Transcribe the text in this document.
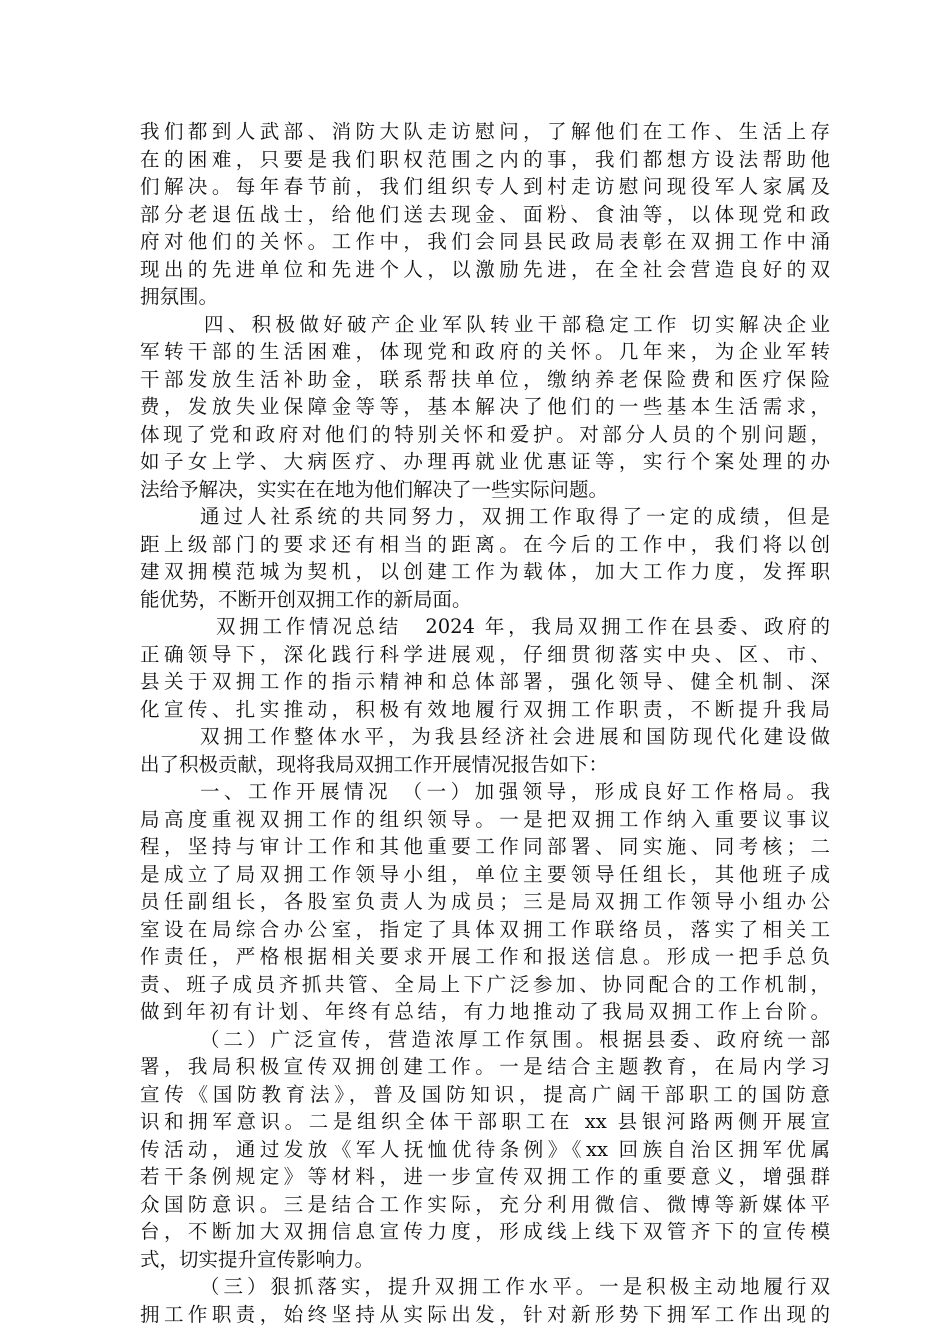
我们都到人武部、消防大队走访慰问，了解他们在工作、生活上存
在的困难，只要是我们职权范围之内的事，我们都想方设法帮助他
们解决。每年春节前，我们组织专人到村走访慰问现役军人家属及
部分老退伍战士，给他们送去现金、面粉、食油等，以体现党和政
府对他们的关怀。工作中，我们会同县民政局表彰在双拥工作中涌
现出的先进单位和先进个人，以激励先进，在全社会营造良好的双
拥氛围。
四、积极做好破产企业军队转业干部稳定工作 切实解决企业
军转干部的生活困难，体现党和政府的关怀。几年来，为企业军转
干部发放生活补助金，联系帮扶单位，缴纳养老保险费和医疗保险
费，发放失业保障金等等，基本解决了他们的一些基本生活需求，
体现了党和政府对他们的特别关怀和爱护。对部分人员的个别问题，
如子女上学、大病医疗、办理再就业优惠证等，实行个案处理的办
法给予解决，实实在在地为他们解决了一些实际问题。
通过人社系统的共同努力，双拥工作取得了一定的成绩，但是
距上级部门的要求还有相当的距离。在今后的工作中，我们将以创
建双拥模范城为契机，以创建工作为载体，加大工作力度，发挥职
能优势，不断开创双拥工作的新局面。
双拥工作情况总结　2024 年，我局双拥工作在县委、政府的
正确领导下，深化践行科学进展观，仔细贯彻落实中央、区、市、
县关于双拥工作的指示精神和总体部署，强化领导、健全机制、深
化宣传、扎实推动，积极有效地履行双拥工作职责，不断提升我局
双拥工作整体水平，为我县经济社会进展和国防现代化建设做
出了积极贡献，现将我局双拥工作开展情况报告如下：
一、工作开展情况 （一）加强领导，形成良好工作格局。我
局高度重视双拥工作的组织领导。一是把双拥工作纳入重要议事议
程，坚持与审计工作和其他重要工作同部署、同实施、同考核；二
是成立了局双拥工作领导小组，单位主要领导任组长，其他班子成
员任副组长，各股室负责人为成员；三是局双拥工作领导小组办公
室设在局综合办公室，指定了具体双拥工作联络员，落实了相关工
作责任，严格根据相关要求开展工作和报送信息。形成一把手总负
责、班子成员齐抓共管、全局上下广泛参加、协同配合的工作机制，
做到年初有计划、年终有总结，有力地推动了我局双拥工作上台阶。
（二）广泛宣传，营造浓厚工作氛围。根据县委、政府统一部
署，我局积极宣传双拥创建工作。一是结合主题教育，在局内学习
宣传《国防教育法》，普及国防知识，提高广阔干部职工的国防意
识和拥军意识。二是组织全体干部职工在 xx 县银河路两侧开展宣
传活动，通过发放《军人抚恤优待条例》《xx 回族自治区拥军优属
若干条例规定》等材料，进一步宣传双拥工作的重要意义，增强群
众国防意识。三是结合工作实际，充分利用微信、微博等新媒体平
台，不断加大双拥信息宣传力度，形成线上线下双管齐下的宣传模
式，切实提升宣传影响力。
（三）狠抓落实，提升双拥工作水平。一是积极主动地履行双
拥工作职责，始终坚持从实际出发，针对新形势下拥军工作出现的
